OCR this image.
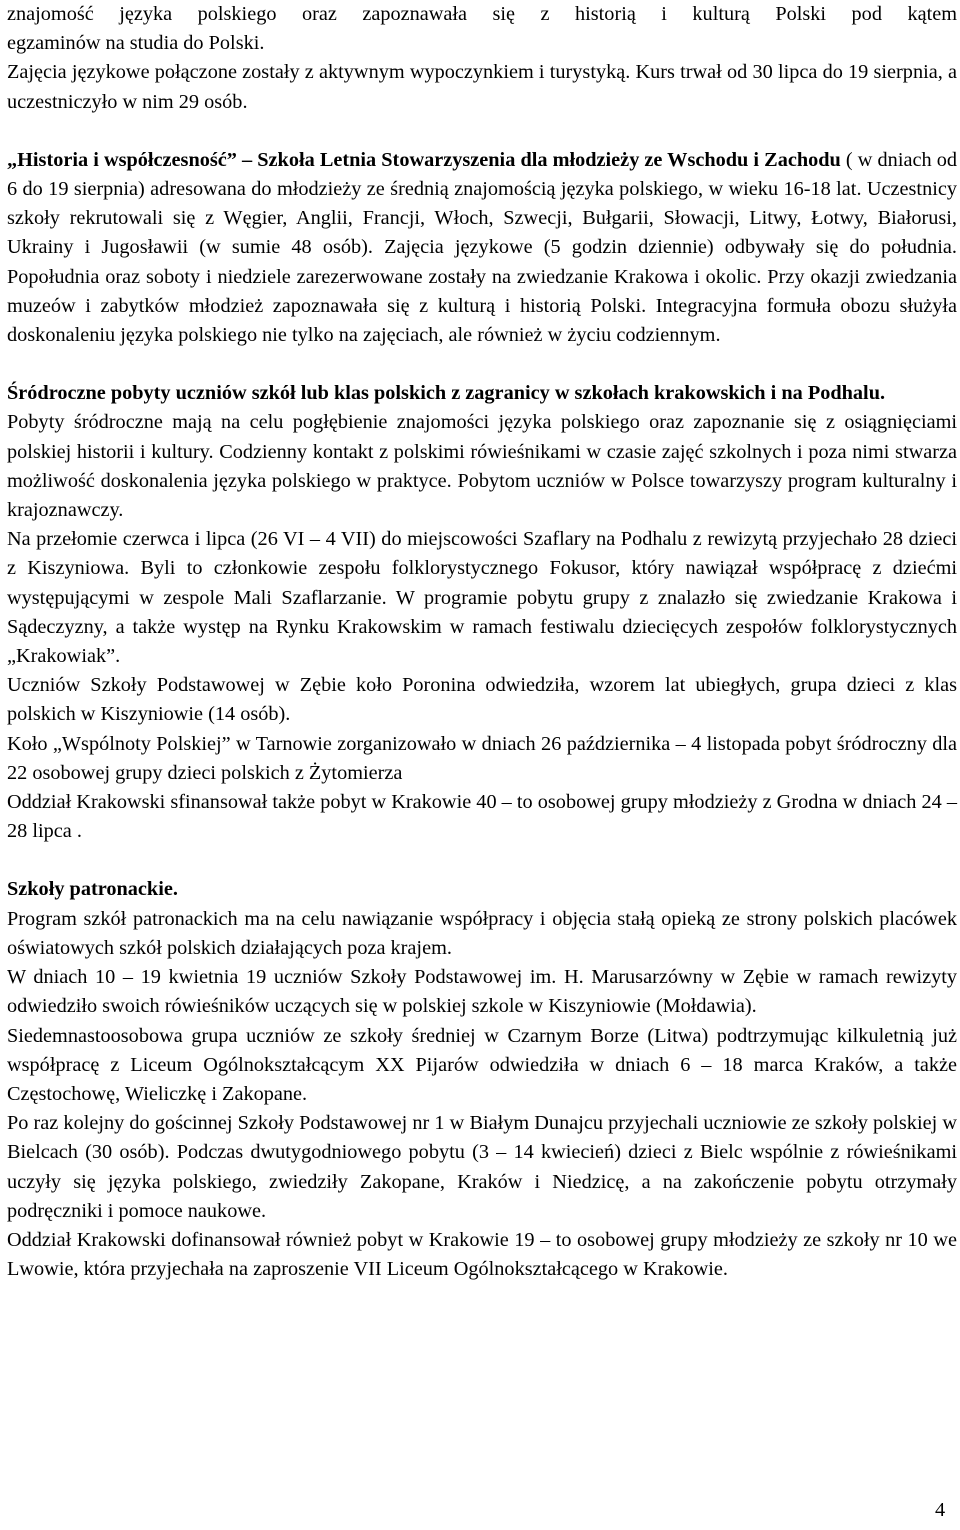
znajomość języka polskiego oraz zapoznawała się z historią i kulturą Polski pod kątem

egzaminów na studia do Polski.

Zajęcia językowe połączone zostały z aktywnym wypoczynkiem i turystyką. Kurs trwał od 30 lipca do 19 sierpnia, a uczestniczyło w nim 29 osób.

„Historia i współczesność” – Szkoła Letnia Stowarzyszenia dla młodzieży ze Wschodu i Zachodu ( w dniach od 6 do 19 sierpnia) adresowana do młodzieży ze średnią znajomością języka polskiego, w wieku 16-18 lat. Uczestnicy szkoły rekrutowali się z Węgier, Anglii, Francji, Włoch, Szwecji, Bułgarii, Słowacji, Litwy, Łotwy, Białorusi, Ukrainy i Jugosławii (w sumie 48 osób). Zajęcia językowe (5 godzin dziennie) odbywały się do południa. Popołudnia oraz soboty i niedziele zarezerwowane zostały na zwiedzanie Krakowa i okolic. Przy okazji zwiedzania muzeów i zabytków młodzież zapoznawała się z kulturą i historią Polski. Integracyjna formuła obozu służyła doskonaleniu języka polskiego nie tylko na zajęciach, ale również w życiu codziennym.

Śródroczne pobyty uczniów szkół lub klas polskich z zagranicy w szkołach krakowskich i na Podhalu.

Pobyty śródroczne mają na celu pogłębienie znajomości języka polskiego oraz zapoznanie się z osiągnięciami polskiej historii i kultury. Codzienny kontakt z polskimi rówieśnikami w czasie zajęć szkolnych i poza nimi stwarza możliwość doskonalenia języka polskiego w praktyce. Pobytom uczniów w Polsce towarzyszy program kulturalny i krajoznawczy.

Na przełomie czerwca i lipca (26 VI – 4 VII) do miejscowości Szaflary na Podhalu z rewizytą przyjechało 28 dzieci z Kiszyniowa. Byli to członkowie zespołu folklorystycznego Fokusor, który nawiązał współpracę z dziećmi występującymi w zespole Mali Szaflarzanie. W programie pobytu grupy z znalazło się zwiedzanie Krakowa i Sądeczyzny, a także występ na Rynku Krakowskim w ramach festiwalu dziecięcych zespołów folklorystycznych „Krakowiak”.

Uczniów Szkoły Podstawowej w Zębie koło Poronina odwiedziła, wzorem lat ubiegłych, grupa dzieci z klas polskich w Kiszyniowie (14 osób).

Koło „Wspólnoty Polskiej” w Tarnowie zorganizowało w dniach 26 października – 4 listopada pobyt śródroczny dla 22 osobowej grupy dzieci polskich z Żytomierza

Oddział Krakowski sfinansował także pobyt w Krakowie 40 – to osobowej grupy młodzieży z Grodna w dniach 24 – 28 lipca .

Szkoły patronackie.

Program szkół patronackich ma na celu nawiązanie współpracy i objęcia stałą opieką ze strony polskich placówek oświatowych szkół polskich działających poza krajem.

W dniach 10 – 19 kwietnia 19 uczniów Szkoły Podstawowej im. H. Marusarzówny w Zębie w ramach rewizyty odwiedziło swoich rówieśników uczących się w polskiej szkole w Kiszyniowie (Mołdawia).

Siedemnastoosobowa grupa uczniów ze szkoły średniej w Czarnym Borze (Litwa) podtrzymując kilkuletnią już współpracę z Liceum Ogólnokształcącym XX Pijarów odwiedziła w dniach 6 – 18 marca Kraków, a także Częstochowę, Wieliczkę i Zakopane.

Po raz kolejny do gościnnej Szkoły Podstawowej nr 1 w Białym Dunajcu przyjechali uczniowie ze szkoły polskiej w Bielcach (30 osób). Podczas dwutygodniowego pobytu (3 – 14 kwiecień) dzieci z Bielc wspólnie z rówieśnikami uczyły się języka polskiego, zwiedziły Zakopane, Kraków i Niedzicę, a na zakończenie pobytu otrzymały podręczniki i pomoce naukowe.

Oddział Krakowski dofinansował również pobyt w Krakowie 19 – to osobowej grupy młodzieży ze szkoły nr 10 we Lwowie, która przyjechała na zaproszenie VII Liceum Ogólnokształcącego w Krakowie.

4
